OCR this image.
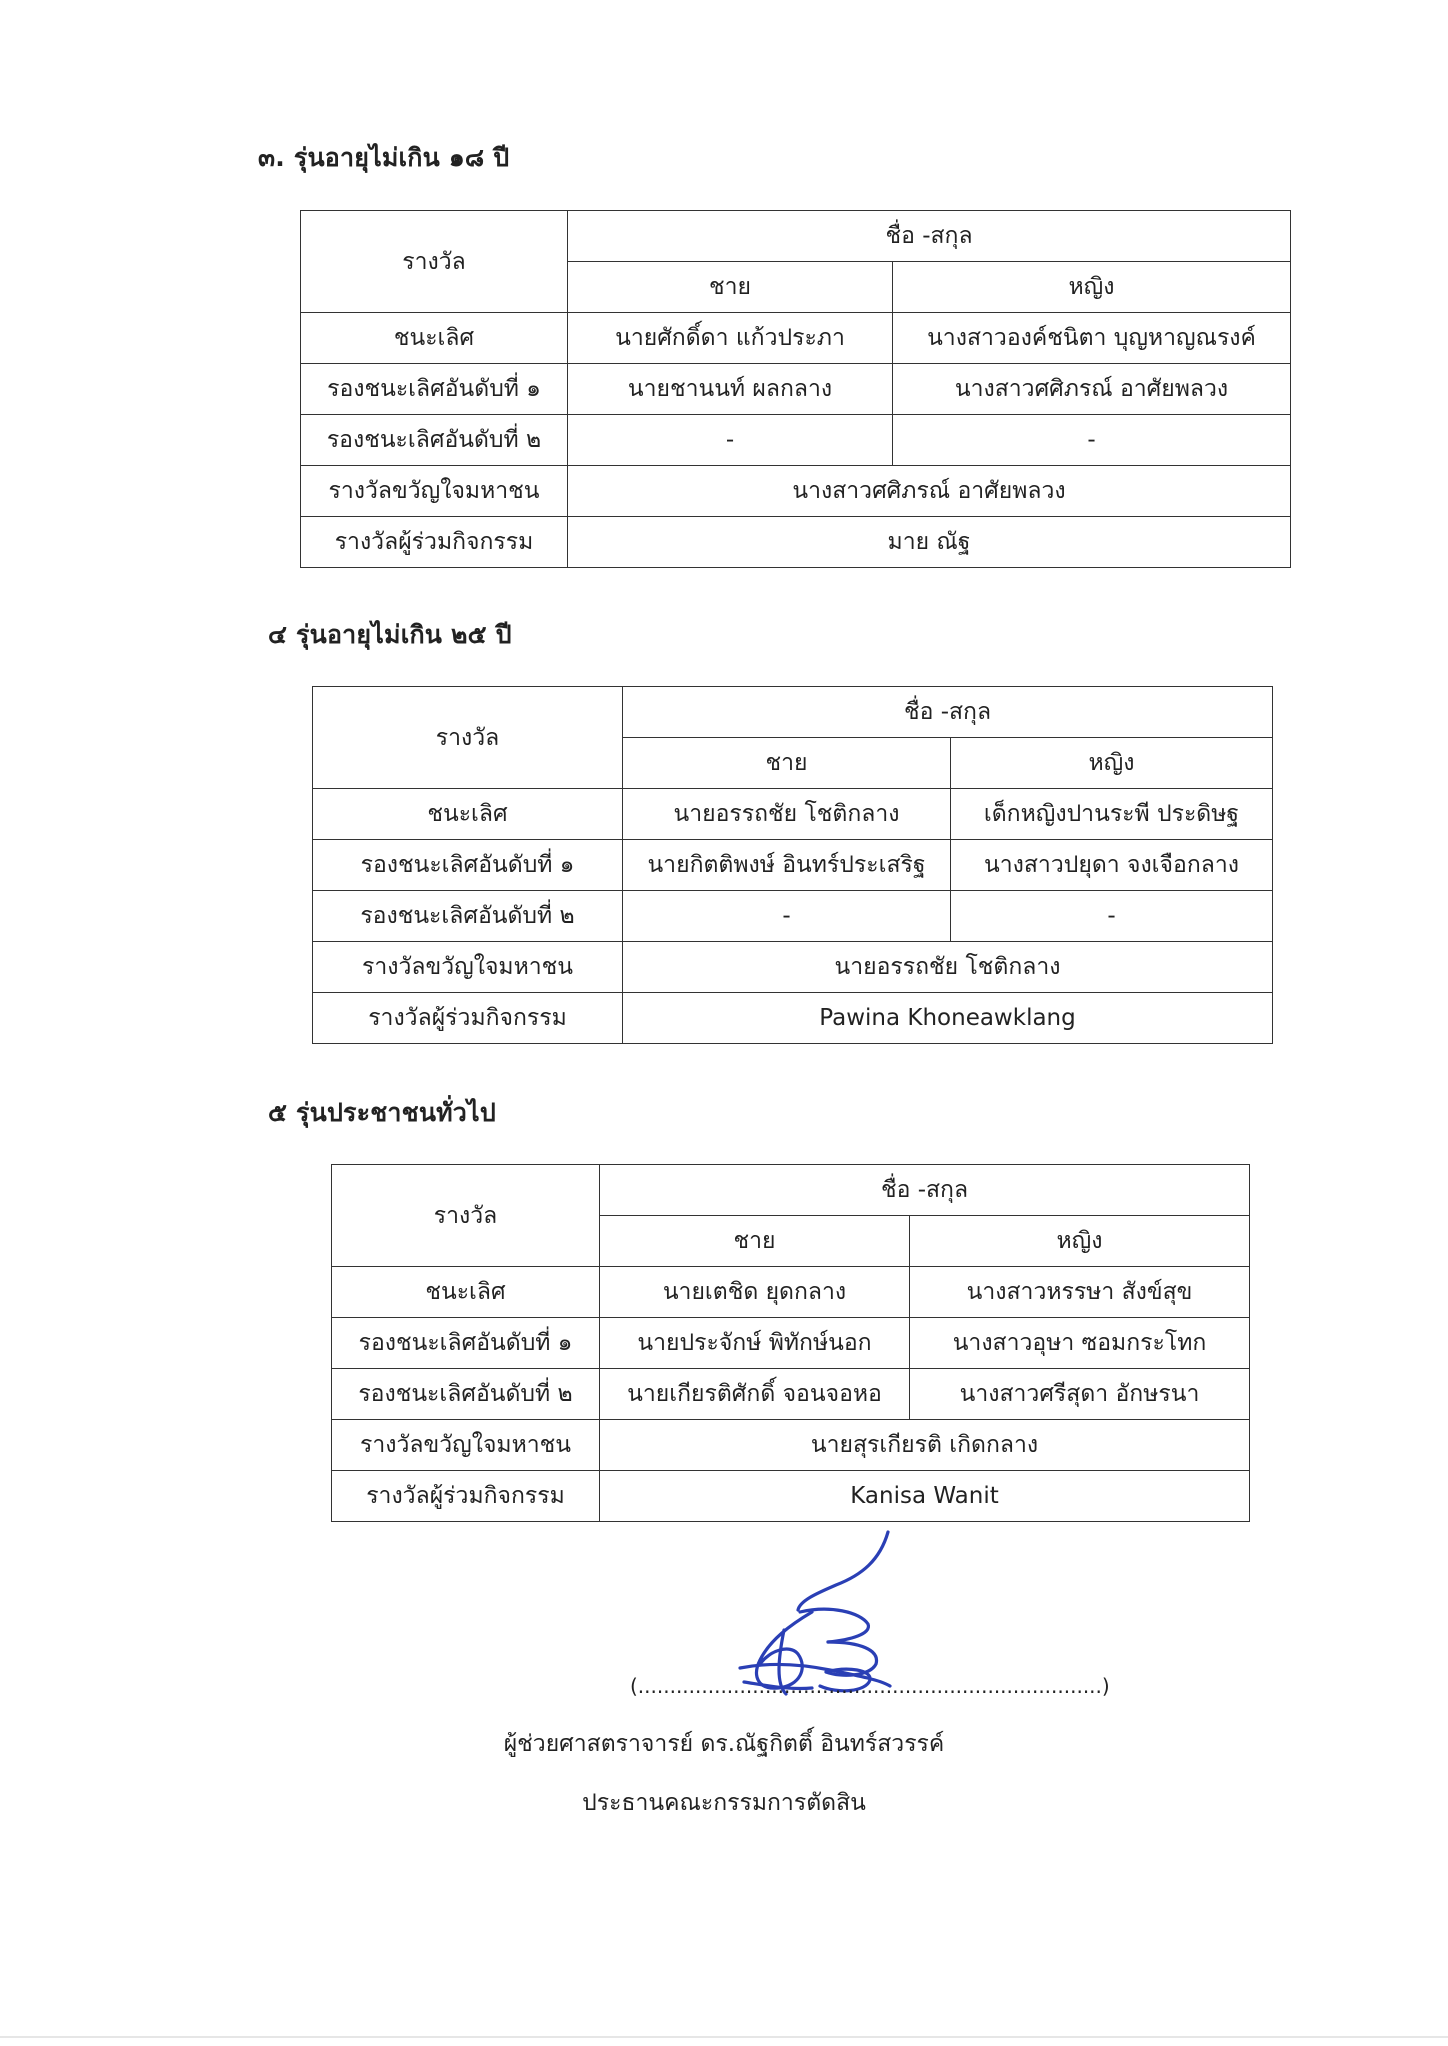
๓. รุ่นอายุไม่เกิน ๑๘ ปี
รางวัล	ชื่อ -สกุล	
	ชาย	หญิง
ชนะเลิศ	นายศักดิ์ดา แก้วประภา	นางสาวองค์ชนิตา บุญหาญณรงค์
รองชนะเลิศอันดับที่ ๑	นายชานนท์ ผลกลาง	นางสาวศศิภรณ์ อาศัยพลวง
รองชนะเลิศอันดับที่ ๒	-	-
รางวัลขวัญใจมหาชน	นางสาวศศิภรณ์ อาศัยพลวง	
รางวัลผู้ร่วมกิจกรรม	มาย ณัฐ	
๔ รุ่นอายุไม่เกิน ๒๕ ปี
รางวัล	ชื่อ -สกุล	
	ชาย	หญิง
ชนะเลิศ	นายอรรถชัย โชติกลาง	เด็กหญิงปานระพี ประดิษฐ
รองชนะเลิศอันดับที่ ๑	นายกิตติพงษ์ อินทร์ประเสริฐ	นางสาวปยุดา จงเจือกลาง
รองชนะเลิศอันดับที่ ๒	-	-
รางวัลขวัญใจมหาชน	นายอรรถชัย โชติกลาง	
รางวัลผู้ร่วมกิจกรรม	Pawina Khoneawklang	
๕ รุ่นประชาชนทั่วไป
รางวัล	ชื่อ -สกุล	
	ชาย	หญิง
ชนะเลิศ	นายเตชิด ยุดกลาง	นางสาวหรรษา สังข์สุข
รองชนะเลิศอันดับที่ ๑	นายประจักษ์ พิทักษ์นอก	นางสาวอุษา ซอมกระโทก
รองชนะเลิศอันดับที่ ๒	นายเกียรติศักดิ์ จอนจอหอ	นางสาวศรีสุดา อักษรนา
รางวัลขวัญใจมหาชน	นายสุรเกียรติ เกิดกลาง	
รางวัลผู้ร่วมกิจกรรม	Kanisa Wanit	
(.........................................................................)
ผู้ช่วยศาสตราจารย์ ดร.ณัฐกิตติ์ อินทร์สวรรค์
ประธานคณะกรรมการตัดสิน
